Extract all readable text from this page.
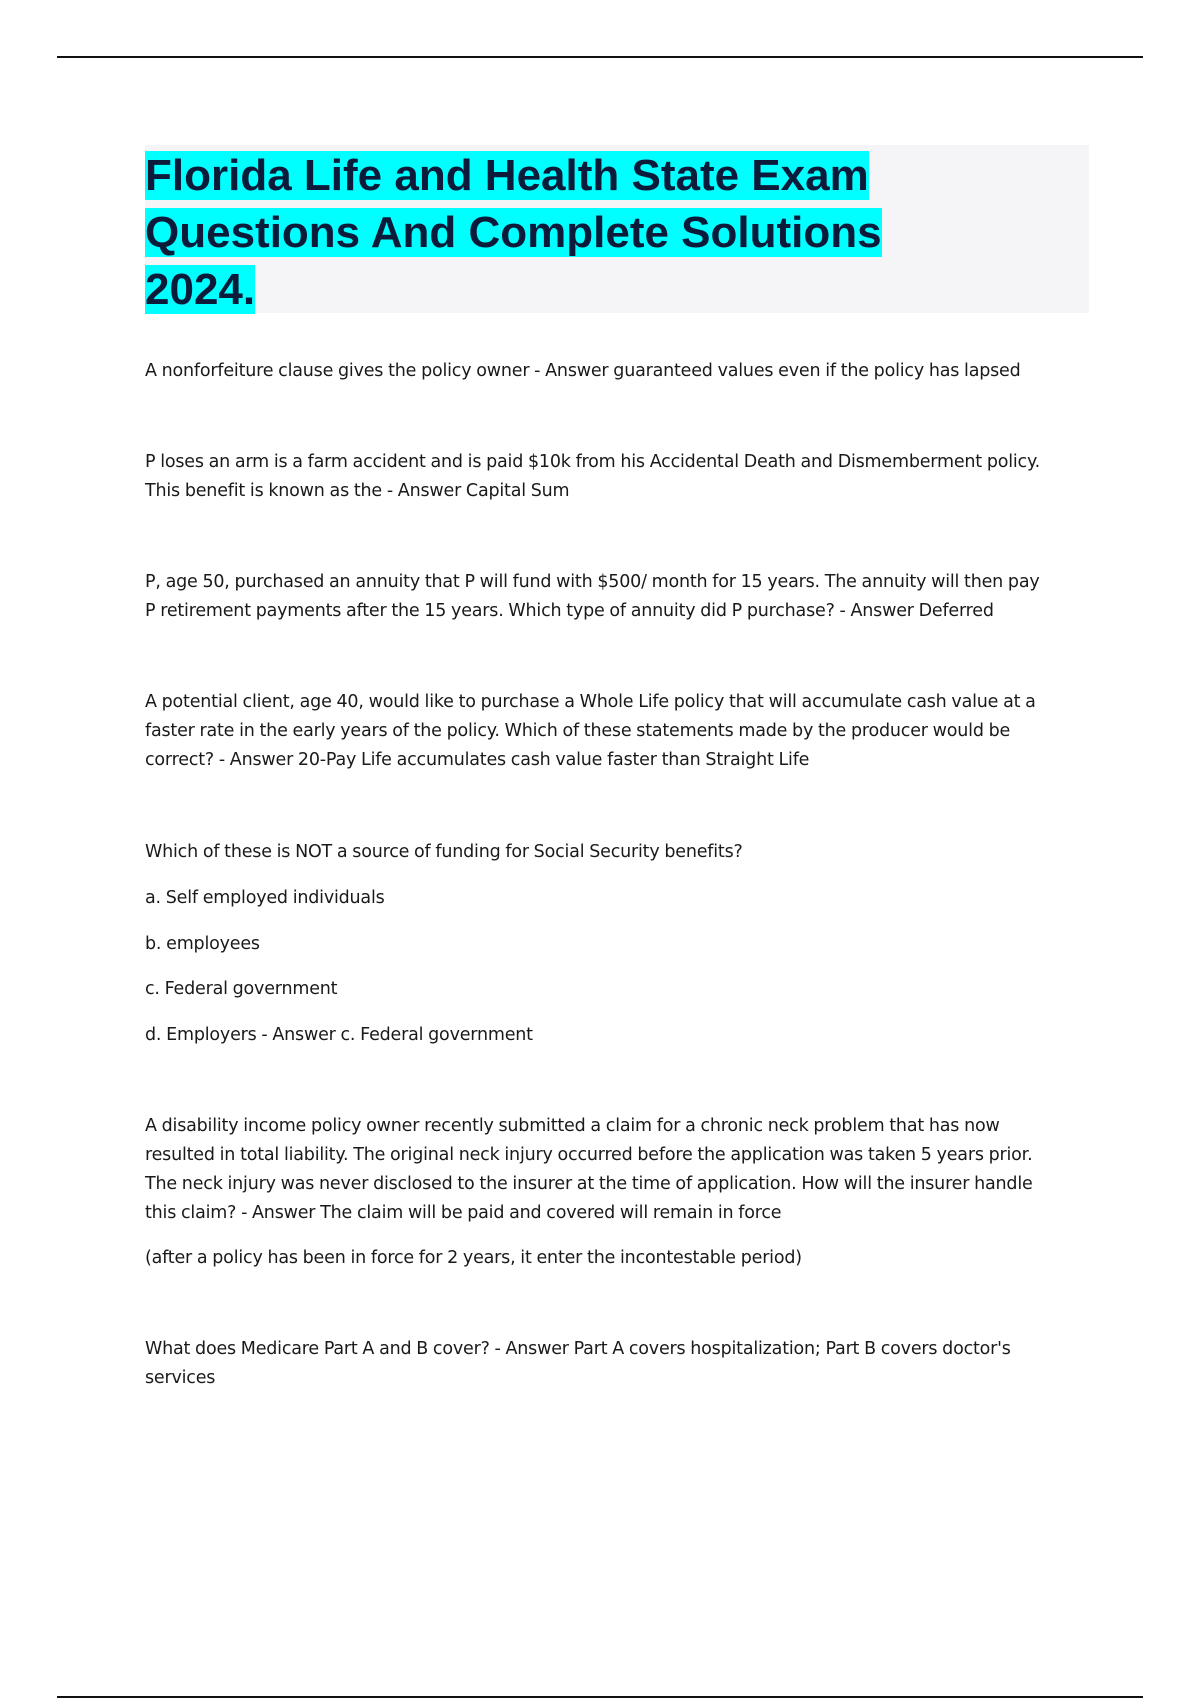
Florida Life and Health State Exam
Questions And Complete Solutions
2024.

A nonforfeiture clause gives the policy owner - Answer guaranteed values even if the policy has lapsed

P loses an arm is a farm accident and is paid $10k from his Accidental Death and Dismemberment policy.
This benefit is known as the - Answer Capital Sum

P, age 50, purchased an annuity that P will fund with $500/ month for 15 years. The annuity will then pay
P retirement payments after the 15 years. Which type of annuity did P purchase? - Answer Deferred

A potential client, age 40, would like to purchase a Whole Life policy that will accumulate cash value at a
faster rate in the early years of the policy. Which of these statements made by the producer would be
correct? - Answer 20-Pay Life accumulates cash value faster than Straight Life

Which of these is NOT a source of funding for Social Security benefits?

a. Self employed individuals

b. employees

c. Federal government

d. Employers - Answer c. Federal government

A disability income policy owner recently submitted a claim for a chronic neck problem that has now
resulted in total liability. The original neck injury occurred before the application was taken 5 years prior.
The neck injury was never disclosed to the insurer at the time of application. How will the insurer handle
this claim? - Answer The claim will be paid and covered will remain in force

(after a policy has been in force for 2 years, it enter the incontestable period)

What does Medicare Part A and B cover? - Answer Part A covers hospitalization; Part B covers doctor's
services
